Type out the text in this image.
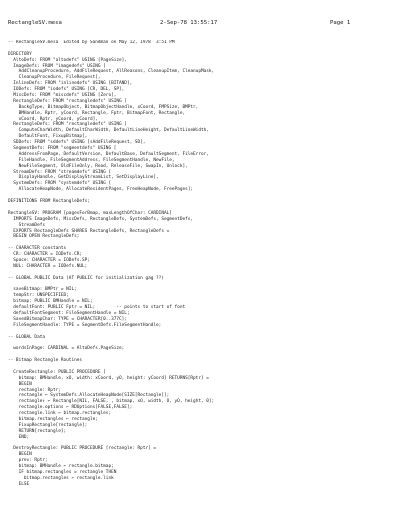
RectangleSV.mesa	2-Sep-78 13:55:17	Page 1
-- RectangleSV.mesa  Edited by Sandman on May 12, 1978  3:51 PM
DIRECTORY
AltoDefs: FROM "altodefs" USING [PageSize],
ImageDefs: FROM "imagedefs" USING [
AddCleanupProcedure, AddFileRequest, AllReasons, CleanupItem, CleanupMask,
CleanupProcedure, FileRequest],
InlineDefs: FROM "inlinedefs" USING [BITAND],
IODefs: FROM "iodefs" USING [CR, DEL, SP],
MiscDefs: FROM "miscdefs" USING [Zero],
RectangleDefs: FROM "rectangledefs" USING [
BackgType, BitmapObject, BitmapObjectHandle, xCoord, FMPSize, BMPtr,
BMHandle, Rptr, yCoord, Rectangle, Fptr, BitmapFont, Rectangle,
xCoord, Rptr, yCoord, yCoord],
RectangleDefs: FROM "rectangledefs" USING [
ComputeCharWidth, DefaultCharWidth, DefaultLineHeight, DefaultLineWidth,
DefaultFont, FixupBitmap],
SDDefs: FROM "sddefs" USING [sAddFileRequest, SD],
SegmentDefs: FROM "segmentdefs" USING [
AddressFromPage, DefaultVersion, DefaultBase, DefaultSegment, FileError,
FileHandle, FileSegmentAddress, FileSegmentHandle, NewFile,
NewFileSegment, OldFileOnly, Read, ReleaseFile, SwapIn, Unlock],
StreamDefs: FROM "streamdefs" USING [
DisplayHandle, GetDisplayStreamList, SetDisplayLine],
SystemDefs: FROM "systemdefs" USING [
AllocateHeapNode, AllocateResidentPages, FreeHeapNode, FreePages];
DEFINITIONS FROM RectangleDefs;
RectangleSV: PROGRAM [pagesForBmap, maxLengthOfChar: CARDINAL]
IMPORTS ImageDefs, MiscDefs, RectangleDefs, SystemDefs, SegmentDefs,
StreamDefs
EXPORTS RectangleDefs SHARES RectangleDefs, RectangleDefs =
BEGIN OPEN RectangleDefs;
-- CHARACTER constants
CR: CHARACTER = IODefs.CR;
Space: CHARACTER = IODefs.SP;
NUL: CHARACTER = IODefs.NUL;
-- GLOBAL PUBLIC Data (AT PUBLIC for initialization gag ??)
saveBitmap: BMPtr = NIL;
tempStr: UNSPECIFIED;
bitmap: PUBLIC BMHandle = NIL;
defaultFont: PUBLIC Fptr = NIL;        -- points to start of font
defaultFontSegment: FileSegmentHandle = NIL;
SavedBitmapChar: TYPE = CHARACTER[0..377C];
FileSegmentHandle: TYPE = SegmentDefs.FileSegmentHandle;
-- GLOBAL Data
wordsInPage: CARDINAL = AltoDefs.PageSize;
-- Bitmap Rectangle Routines
CreateRectangle: PUBLIC PROCEDURE [
bitmap: BMHandle, xO, width: xCoord, yO, height: yCoord] RETURNS[Rptr] =
BEGIN
rectangle: Rptr;
rectangle ← SystemDefs.AllocateHeapNode[SIZE[Rectangle]];
rectangle↑ ← Rectangle[NIL, FALSE, , bitmap, xO, width, O, yO, height, 0];
rectangle.options ← RDOptions[FALSE,FALSE];
rectangle.link ← bitmap.rectangles;
bitmap.rectangles ← rectangle;
FixupRectangle[rectangle];
RETURN[rectangle];
END;
DestroyRectangle: PUBLIC PROCEDURE [rectangle: Rptr] =
BEGIN
prev: Rptr;
bitmap: BMHandle ← rectangle.bitmap;
IF bitmap.rectangles = rectangle THEN
bitmap.rectangles ← rectangle.link
ELSE
